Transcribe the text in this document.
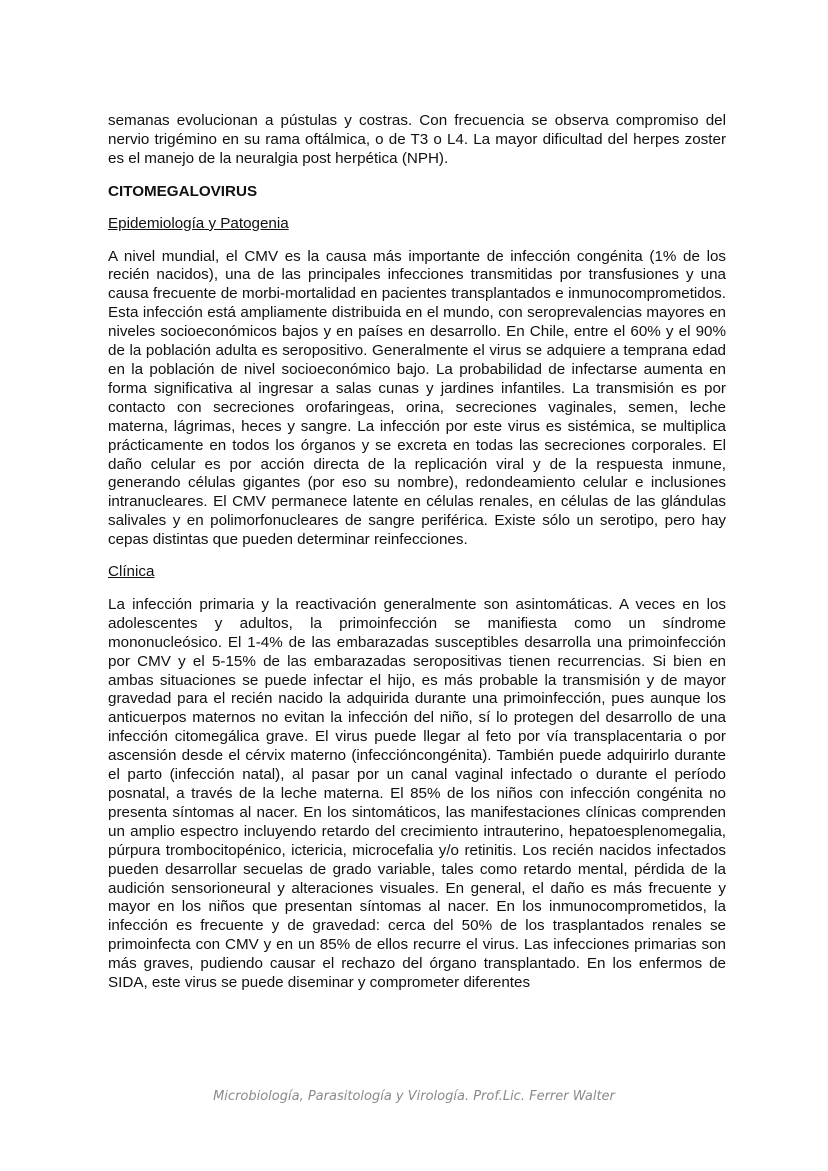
semanas evolucionan a pústulas y costras. Con frecuencia se observa compromiso del nervio trigémino en su rama oftálmica, o de T3 o L4. La mayor dificultad del herpes zoster es el manejo de la neuralgia post herpética (NPH).

CITOMEGALOVIRUS
Epidemiología y Patogenia

A nivel mundial, el CMV es la causa más importante de infección congénita (1% de los recién nacidos), una de las principales infecciones transmitidas por transfusiones y una causa frecuente de morbi-mortalidad en pacientes transplantados e inmunocomprometidos. Esta infección está ampliamente distribuida en el mundo, con seroprevalencias mayores en niveles socioeconómicos bajos y en países en desarrollo. En Chile, entre el 60% y el 90% de la población adulta es seropositivo. Generalmente el virus se adquiere a temprana edad en la población de nivel socioeconómico bajo. La probabilidad de infectarse aumenta en forma significativa al ingresar a salas cunas y jardines infantiles. La transmisión es por contacto con secreciones orofaringeas, orina, secreciones vaginales, semen, leche materna, lágrimas, heces y sangre. La infección por este virus es sistémica, se multiplica prácticamente en todos los órganos y se excreta en todas las secreciones corporales. El daño celular es por acción directa de la replicación viral y de la respuesta inmune, generando células gigantes (por eso su nombre), redondeamiento celular e inclusiones intranucleares. El CMV permanece latente en células renales, en células de las glándulas salivales y en polimorfonucleares de sangre periférica. Existe sólo un serotipo, pero hay cepas distintas que pueden determinar reinfecciones.

Clínica

La infección primaria y la reactivación generalmente son asintomáticas. A veces en los adolescentes y adultos, la primoinfección se manifiesta como un síndrome mononucleósico. El 1-4% de las embarazadas susceptibles desarrolla una primoinfección por CMV y el 5-15% de las embarazadas seropositivas tienen recurrencias. Si bien en ambas situaciones se puede infectar el hijo, es más probable la transmisión y de mayor gravedad para el recién nacido la adquirida durante una primoinfección, pues aunque los anticuerpos maternos no evitan la infección del niño, sí lo protegen del desarrollo de una infección citomegálica grave. El virus puede llegar al feto por vía transplacentaria o por ascensión desde el cérvix materno (infeccióncongénita). También puede adquirirlo durante el parto (infección natal), al pasar por un canal vaginal infectado o durante el período posnatal, a través de la leche materna. El 85% de los niños con infección congénita no presenta síntomas al nacer. En los sintomáticos, las manifestaciones clínicas comprenden un amplio espectro incluyendo retardo del crecimiento intrauterino, hepatoesplenomegalia, púrpura trombocitopénico, ictericia, microcefalia y/o retinitis. Los recién nacidos infectados pueden desarrollar secuelas de grado variable, tales como retardo mental, pérdida de la audición sensorioneural y alteraciones visuales. En general, el daño es más frecuente y mayor en los niños que presentan síntomas al nacer. En los inmunocomprometidos, la infección es frecuente y de gravedad: cerca del 50% de los trasplantados renales se primoinfecta con CMV y en un 85% de ellos recurre el virus. Las infecciones primarias son más graves, pudiendo causar el rechazo del órgano transplantado. En los enfermos de SIDA, este virus se puede diseminar y comprometer diferentes

Microbiología, Parasitología y Virología. Prof.Lic. Ferrer Walter
